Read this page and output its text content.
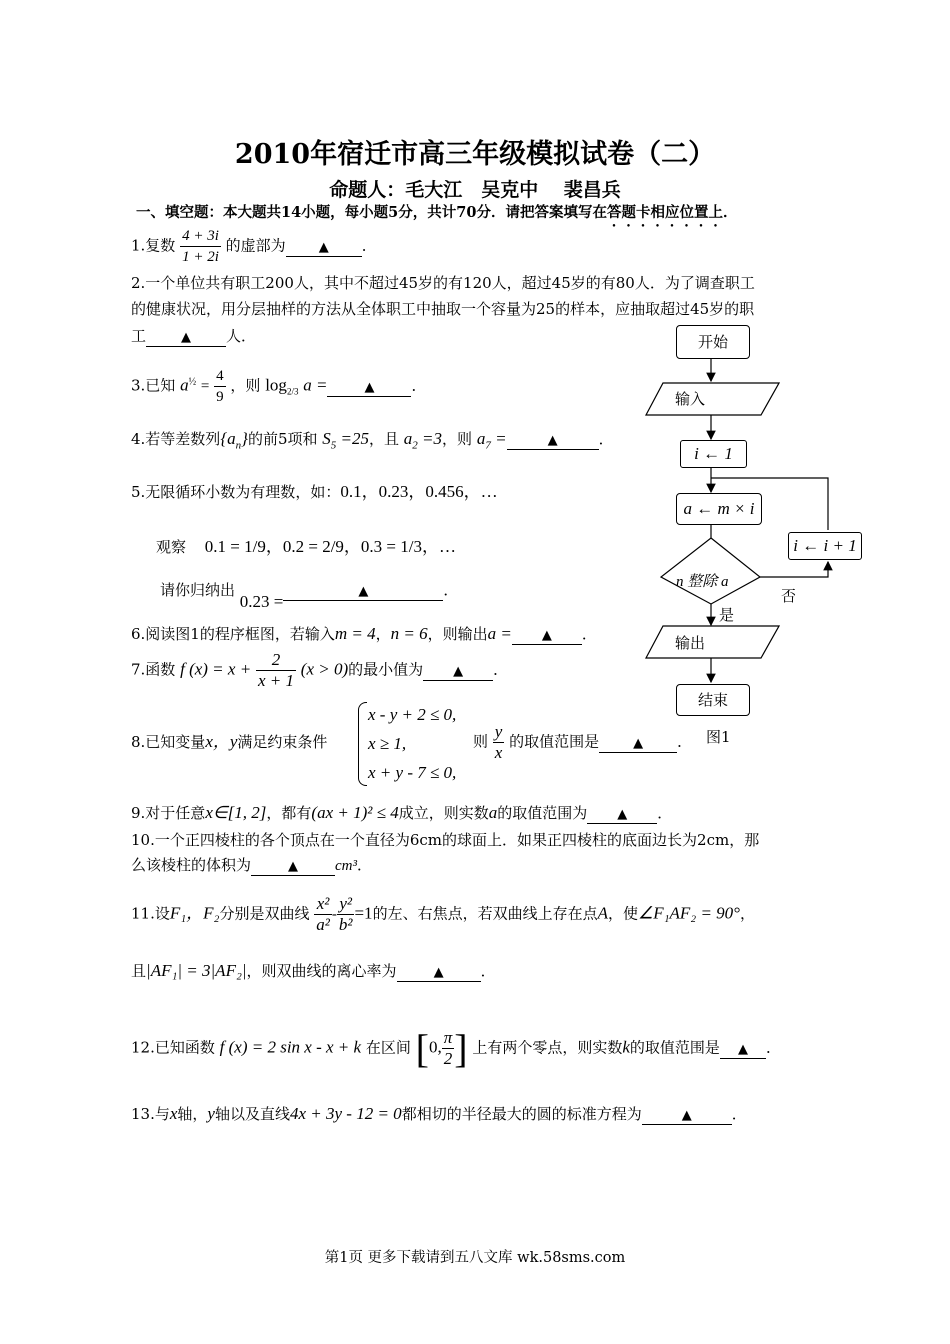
2010年宿迁市高三年级模拟试卷（二）
命题人：毛大江　吴克中　 裴昌兵
一、填空题：本大题共14小题，每小题5分，共计70分．请把答案填写在答题卡相应位置上．
1.复数 $\frac{4 + 3i}{1 + 2i}$ 的虚部为	▲ ．
2.一个单位共有职工200人，其中不超过45岁的有120人，超过45岁的有80人．为了调查职工
的健康状况，用分层抽样的方法从全体职工中抽取一个容量为25的样本，应抽取超过45岁的职
工	▲ 人．
3.已知 $a^{\frac{1}{2}} = \frac{4}{9}$ ，则 $\log_{2/3} a$ =	▲ ．
4.若等差数列$\{a_n\}$的前5项和 $S_5 =25$，且 $a_2 =3$，则 $a_7$ =	▲	．
5.无限循环小数为有理数，如：0.1，0.23，0.456，…
观察 0.1 = 1/9，0.2 = 2/9，0.3 = 1/3，…
请你归纳出 0.23 =▲	．
6.阅读图1的程序框图，若输入m = 4，n = 6，则输出a = ▲ ．
7.函数 f $(x) = x + \frac{2}{x + 1} (x > 0)$的最小值为 ▲ ．
8.已知变量x，y满足约束条件
x - y + 2 ≤ 0,
x ≥ 1,
x + y - 7 ≤ 0,
则 $\frac{y}{x}$ 的取值范围是	▲ ．
9.对于任意x∈[1, 2]，都有(ax + 1)² ≤ 4成立，则实数a的取值范围为 ▲ ．
10.一个正四棱柱的各个顶点在一个直径为6cm的球面上．如果正四棱柱的底面边长为2cm，那
么该棱柱的体积为	▲ cm³．
11.设F₁，F₂分别是双曲线 $\frac{\text{x²}}{\text{a²}} - \frac{\text{y²}}{\text{b²}} =1$的左、右焦点，若双曲线上存在点A，使∠F₁AF₂ = 90°，
且|AF₁| = 3|AF₂|，则双曲线的离心率为	▲ ．
12.已知函数 f (x) = 2 sin x - x + k 在区间 [0, $\frac{\pi}{2}$ ] 上有两个零点，则实数k的取值范围是 ▲ ．
13.与x轴，y轴以及直线4x + 3y - 12 = 0都相切的半径最大的圆的标准方程为	▲	．
开始
输入
i ← 1
a ← m × i
n 整除 a
i ← i + 1
否
是
输出
结束
图1
第1页 更多下载请到五八文库 wk.58sms.com
